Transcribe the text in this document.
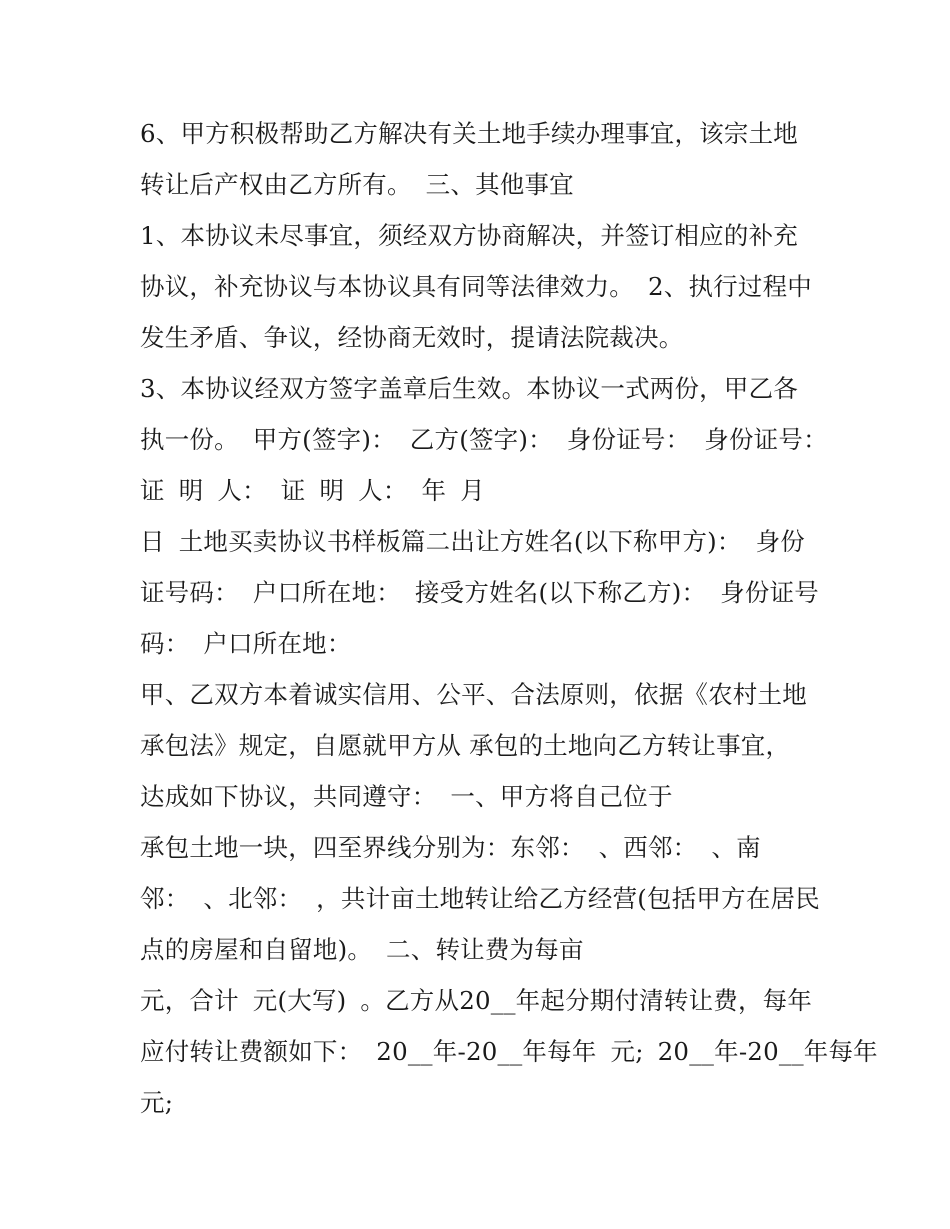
6、甲方积极帮助乙方解决有关土地手续办理事宜，该宗土地
转让后产权由乙方所有。 三、其他事宜
1、本协议未尽事宜，须经双方协商解决，并签订相应的补充
协议，补充协议与本协议具有同等法律效力。 2、执行过程中
发生矛盾、争议，经协商无效时，提请法院裁决。
3、本协议经双方签字盖章后生效。本协议一式两份，甲乙各
执一份。 甲方(签字)： 乙方(签字)： 身份证号： 身份证号：
证 明 人： 证 明 人： 年 月
日 土地买卖协议书样板篇二出让方姓名(以下称甲方)： 身份
证号码： 户口所在地： 接受方姓名(以下称乙方)： 身份证号
码： 户口所在地：
甲、乙双方本着诚实信用、公平、合法原则，依据《农村土地
承包法》规定，自愿就甲方从 承包的土地向乙方转让事宜，
达成如下协议，共同遵守： 一、甲方将自己位于
承包土地一块，四至界线分别为：东邻： 、西邻： 、南
邻： 、北邻： ，共计亩土地转让给乙方经营(包括甲方在居民
点的房屋和自留地)。 二、转让费为每亩
元，合计 元(大写) 。乙方从20__年起分期付清转让费，每年
应付转让费额如下： 20__年-20__年每年 元; 20__年-20__年每年
元;
